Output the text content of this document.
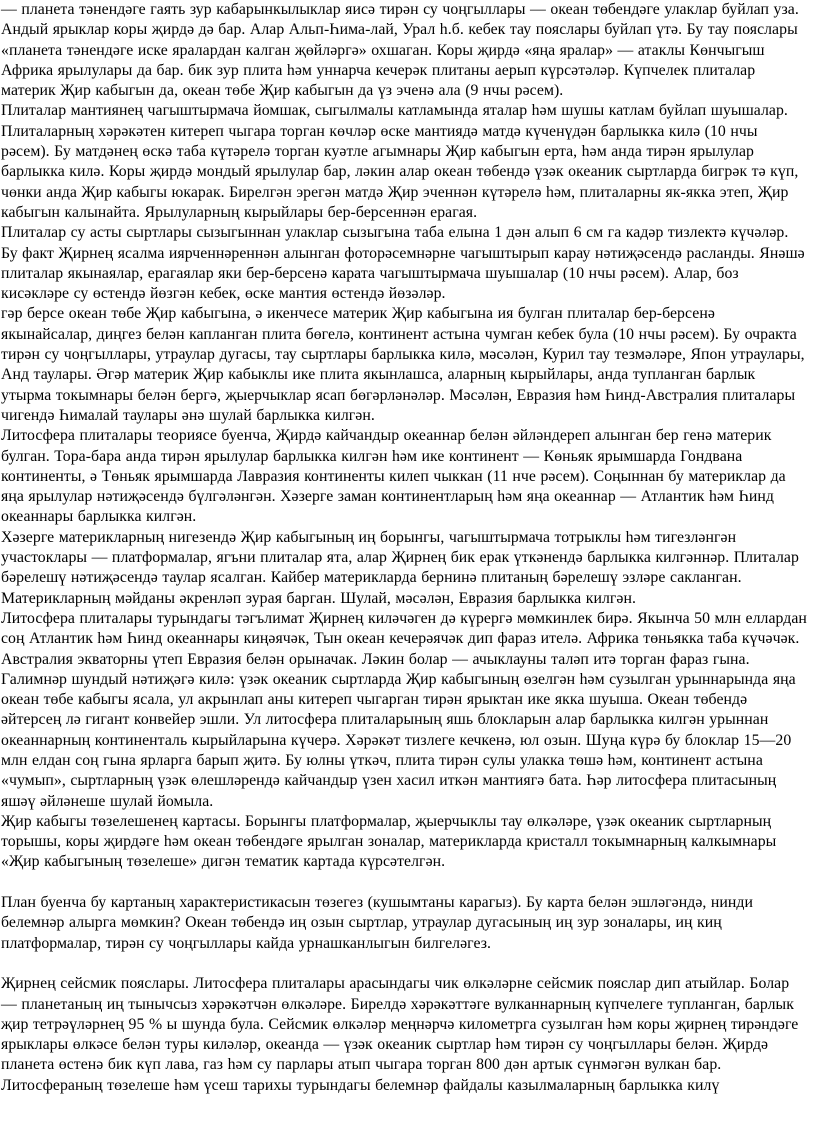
— планета тәнендәге гаять зур кабарынкылыклар яисә тирән су чоңгыллары — океан төбендәге улаклар буйлап уза. Андый ярыклар коры җирдә дә бар. Алар Альп-Һима-лай, Урал һ.б. кебек тау пояслары буйлап үтә. Бу тау пояслары «планета тәнендәге иске яралардан калган җөйләргә» охшаган. Коры җирдә «яңа яралар» — атаклы Көнчыгыш Африка ярылулары да бар. бик зур плита һәм уннарча кечерәк плитаны аерып күрсәтәләр. Күпчелек плиталар материк Җир кабыгын да, океан төбе Җир кабыгын да үз эченә ала (9 нчы рәсем).

Плиталар мантиянең чагыштырмача йомшак, сыгылмалы катламында яталар һәм шушы катлам буйлап шуышалар. Плиталарның хәрәкәтен китереп чыгара торган көчләр өске мантиядә матдә күченүдән барлыкка килә (10 нчы рәсем). Бу матдәнең өскә таба күтәрелә торган куәтле агымнары Җир кабыгын ерта, һәм анда тирән ярылулар барлыкка килә. Коры җирдә мондый ярылулар бар, ләкин алар океан төбендә үзәк океаник сыртларда бигрәк тә күп, чөнки анда Җир кабыгы юкарак. Бирелгән эрегән матдә Җир эченнән күтәрелә һәм, плиталарны як-якка этеп, Җир кабыгын калынайта. Ярылуларның кырыйлары бер-берсеннән ерагая.

Плиталар су асты сыртлары сызыгыннан улаклар сызыгына таба елына 1 дән алып 6 см га кадәр тизлектә күчәләр. Бу факт Җирнең ясалма иярченнәреннән алынган фоторәсемнәрне чагыштырып карау нәтиҗәсендә расланды. Янәшә плиталар якынаялар, ерагаялар яки бер-берсенә карата чагыштырмача шуышалар (10 нчы рәсем). Алар, боз кисәкләре су өстендә йөзгән кебек, өске мантия өстендә йөзәләр.

гәр берсе океан төбе Җир кабыгына, ә икенчесе материк Җир кабыгына ия булган плиталар бер-берсенә якынайсалар, диңгез белән капланган плита бөгелә, континент астына чумган кебек була (10 нчы рәсем). Бу очракта тирән су чоңгыллары, утраулар дугасы, тау сыртлары барлыкка килә, мәсәлән, Курил тау тезмәләре, Япон утраулары, Анд таулары. Әгәр материк Җир кабыклы ике плита якынлашса, аларның кырыйлары, анда тупланган барлык утырма токымнары белән бергә, җыерчыклар ясап бөгәрләнәләр. Мәсәлән, Евразия һәм Һинд-Австралия плиталары чигендә Һималай таулары әнә шулай барлыкка килгән.

Литосфера плиталары теориясе буенча, Җирдә кайчандыр океаннар белән әйләндереп алынган бер генә материк булган. Тора-бара анда тирән ярылулар барлыкка килгән һәм ике континент — Көньяк ярымшарда Гондвана континенты, ә Төньяк ярымшарда Лавразия континенты килеп чыккан (11 нче рәсем). Соңыннан бу материклар да яңа ярылулар нәтиҗәсендә бүлгәләнгән. Хәзерге заман континентларың һәм яңа океаннар — Атлантик һәм Һинд океаннары барлыкка килгән.

Хәзерге материкларның нигезендә Җир кабыгының иң борынгы, чагыштырмача тотрыклы һәм тигезләнгән участоклары — платформалар, ягъни плиталар ята, алар Җирнең бик ерак үткәнендә барлыкка килгәннәр. Плиталар бәрелешү нәтиҗәсендә таулар ясалган. Кайбер материкларда бернинә плитаның бәрелешү эзләре сакланган. Материкларның мәйданы әкренләп зурая барган. Шулай, мәсәлән, Евразия барлыкка килгән.

Литосфера плиталары турындагы тәгълимат Җирнең киләчәген дә күрергә мөмкинлек бирә. Якынча 50 млн еллардан соң Атлантик һәм Һинд океаннары киңәячәк, Тын океан кечерәячәк дип фараз ителә. Африка төньякка таба күчәчәк. Австралия экваторны үтеп Евразия белән орыначак. Ләкин болар — ачыклауны таләп итә торган фараз гына.

Галимнәр шундый нәтиҗәгә килә: үзәк океаник сыртларда Җир кабыгының өзелгән һәм сузылган урыннарында яңа океан төбе кабыгы ясала, ул акрынлап аны китереп чыгарган тирән ярыктан ике якка шуыша. Океан төбендә әйтерсең лә гигант конвейер эшли. Ул литосфера плиталарының яшь блокларын алар барлыкка килгән урыннан океаннарның континенталь кырыйларына күчерә. Хәрәкәт тизлеге кечкенә, юл озын. Шуңа күрә бу блоклар 15—20 млн елдан соң гына ярларга барып җитә. Бу юлны үткәч, плита тирән сулы улакка төшә һәм, континент астына «чумып», сыртларның үзәк өлешләрендә кайчандыр үзен хасил иткән мантиягә бата. Һәр литосфера плитасының яшәү әйләнеше шулай йомыла.

Җир кабыгы төзелешенең картасы. Борынгы платформалар, җыерчыклы тау өлкәләре, үзәк океаник сыртларның торышы, коры җирдәге һәм океан төбендәге ярылган зоналар, материкларда кристалл токымнарның калкымнары «Җир кабыгының төзелеше» дигән тематик картада күрсәтелгән.

План буенча бу картаның характеристикасын төзегез (кушымтаны карагыз). Бу карта белән эшләгәндә, нинди белемнәр алырга мөмкин? Океан төбендә иң озын сыртлар, утраулар дугасының иң зур зоналары, иң киң платформалар, тирән су чоңгыллары кайда урнашканлыгын билгеләгез.

Җирнең сейсмик пояслары. Литосфера плиталары арасындагы чик өлкәләрне сейсмик пояслар дип атыйлар. Болар — планетаның иң тынычсыз хәрәкәтчән өлкәләре. Бирелдә хәрәкәттәге вулканнарның күпчелеге тупланган, барлык җир тетрәүләрнең 95 % ы шунда була. Сейсмик өлкәләр меңнәрчә километрга сузылган һәм коры җирнең тирәндәге ярыклары өлкәсе белән туры киләләр, океанда — үзәк океаник сыртлар һәм тирән су чоңгыллары белән. Җирдә планета өстенә бик күп лава, газ һәм су парлары атып чыгара торган 800 дән артык сүнмәгән вулкан бар.

Литосфераның төзелеше һәм үсеш тарихы турындагы белемнәр файдалы казылмаларның барлыкка килү
